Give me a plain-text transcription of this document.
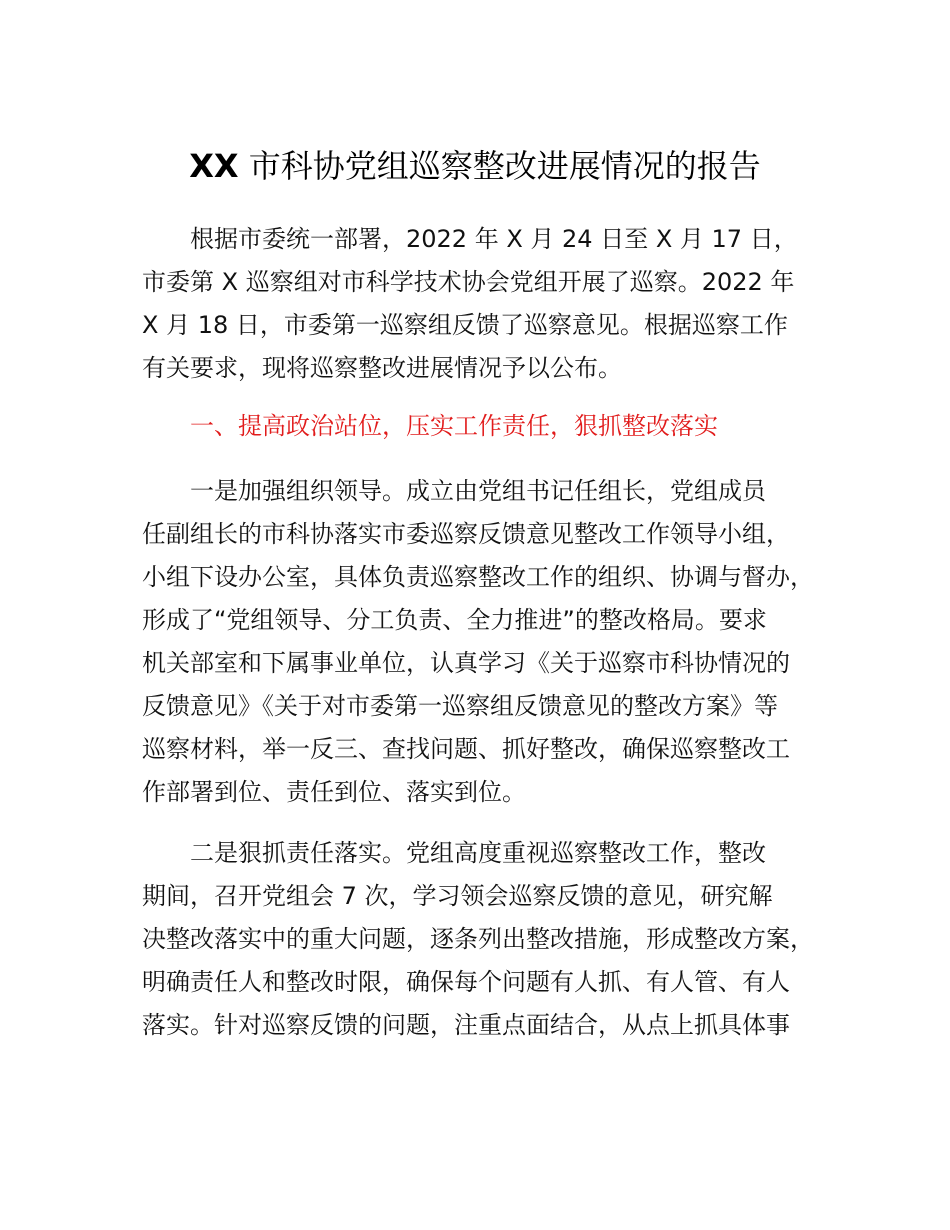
XX 市科协党组巡察整改进展情况的报告
根据市委统一部署，2022 年 X 月 24 日至 X 月 17 日，
市委第 X 巡察组对市科学技术协会党组开展了巡察。2022 年
X 月 18 日，市委第一巡察组反馈了巡察意见。根据巡察工作
有关要求，现将巡察整改进展情况予以公布。
一、提高政治站位，压实工作责任，狠抓整改落实
一是加强组织领导。成立由党组书记任组长，党组成员
任副组长的市科协落实市委巡察反馈意见整改工作领导小组，
小组下设办公室，具体负责巡察整改工作的组织、协调与督办，
形成了“党组领导、分工负责、全力推进”的整改格局。要求
机关部室和下属事业单位，认真学习《关于巡察市科协情况的
反馈意见》《关于对市委第一巡察组反馈意见的整改方案》等
巡察材料，举一反三、查找问题、抓好整改，确保巡察整改工
作部署到位、责任到位、落实到位。
二是狠抓责任落实。党组高度重视巡察整改工作，整改
期间，召开党组会 7 次，学习领会巡察反馈的意见，研究解
决整改落实中的重大问题，逐条列出整改措施，形成整改方案，
明确责任人和整改时限，确保每个问题有人抓、有人管、有人
落实。针对巡察反馈的问题，注重点面结合，从点上抓具体事
